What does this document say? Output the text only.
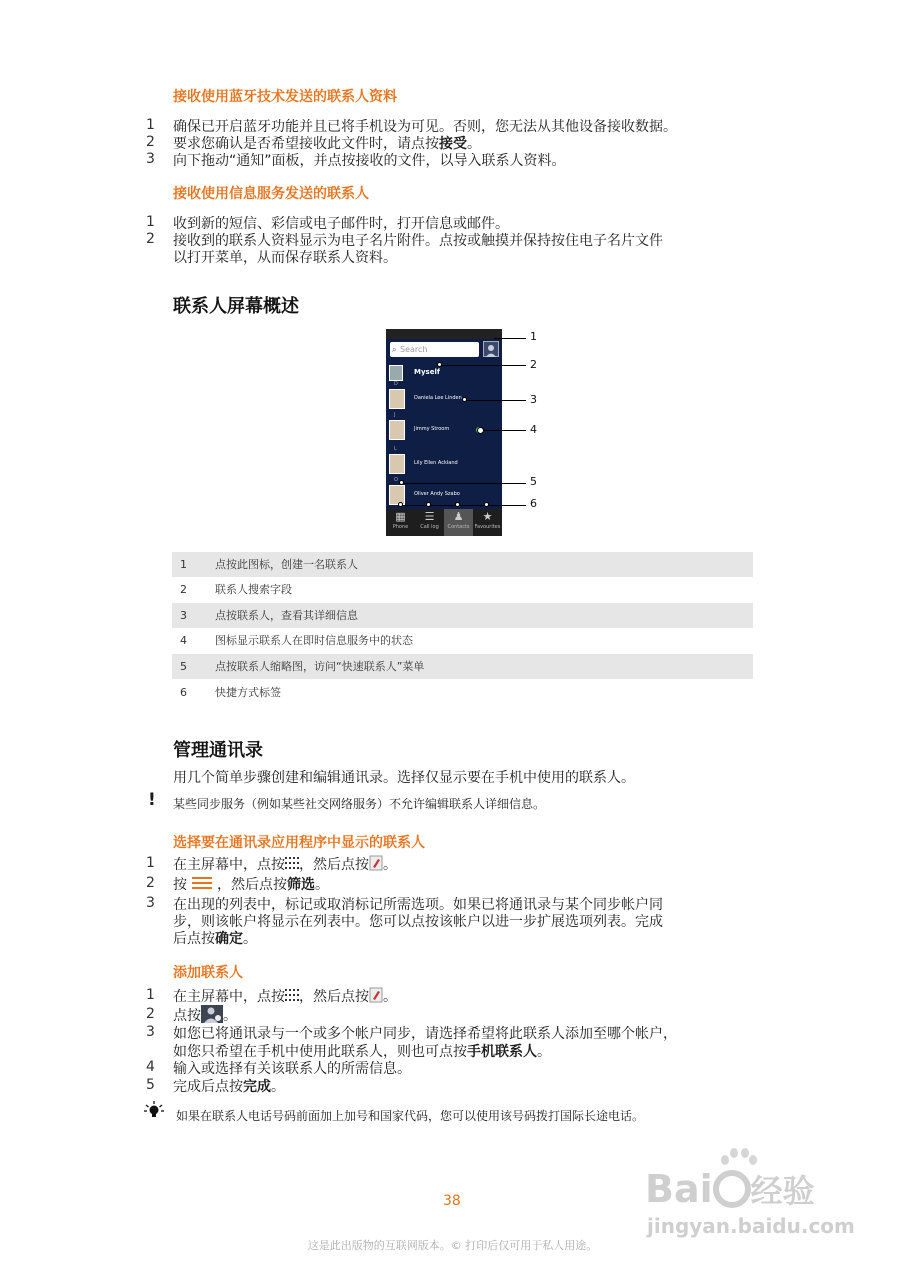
接收使用蓝牙技术发送的联系人资料
1 确保已开启蓝牙功能并且已将手机设为可见。否则，您无法从其他设备接收数据。
2 要求您确认是否希望接收此文件时，请点按接受。
3 向下拖动“通知”面板，并点按接收的文件，以导入联系人资料。
接收使用信息服务发送的联系人
1 收到新的短信、彩信或电子邮件时，打开信息或邮件。
2 接收到的联系人资料显示为电子名片附件。点按或触摸并保持按住电子名片文件
以打开菜单，从而保存联系人资料。
联系人屏幕概述
⌕ Search
Myself
D
Daniela Lee Linden
J
Jimmy Stroom
L
Lily Ellen Ackland
O
Oliver Andy Szabo
▦
Phone
☰
Call log
♟
Contacts
★
Favourites
1
2
3
4
5
6
1	点按此图标，创建一名联系人
2	联系人搜索字段
3	点按联系人，查看其详细信息
4	图标显示联系人在即时信息服务中的状态
5	点按联系人缩略图，访问“快速联系人”菜单
6	快捷方式标签
管理通讯录
用几个简单步骤创建和编辑通讯录。选择仅显示要在手机中使用的联系人。
! 某些同步服务（例如某些社交网络服务）不允许编辑联系人详细信息。
选择要在通讯录应用程序中显示的联系人
1 在主屏幕中，点按 ，然后点按 。
2 按 ，然后点按筛选。
3 在出现的列表中，标记或取消标记所需选项。如果已将通讯录与某个同步帐户同
步，则该帐户将显示在列表中。您可以点按该帐户以进一步扩展选项列表。完成
后点按确定。
添加联系人
1 在主屏幕中，点按 ，然后点按 。
2 点按 。
3 如您已将通讯录与一个或多个帐户同步，请选择希望将此联系人添加至哪个帐户，
如您只希望在手机中使用此联系人，则也可点按手机联系人。
4 输入或选择有关该联系人的所需信息。
5 完成后点按完成。
如果在联系人电话号码前面加上加号和国家代码，您可以使用该号码拨打国际长途电话。
38
这是此出版物的互联网版本。© 打印后仅可用于私人用途。
Bai 经验
jingyan.baidu.com
